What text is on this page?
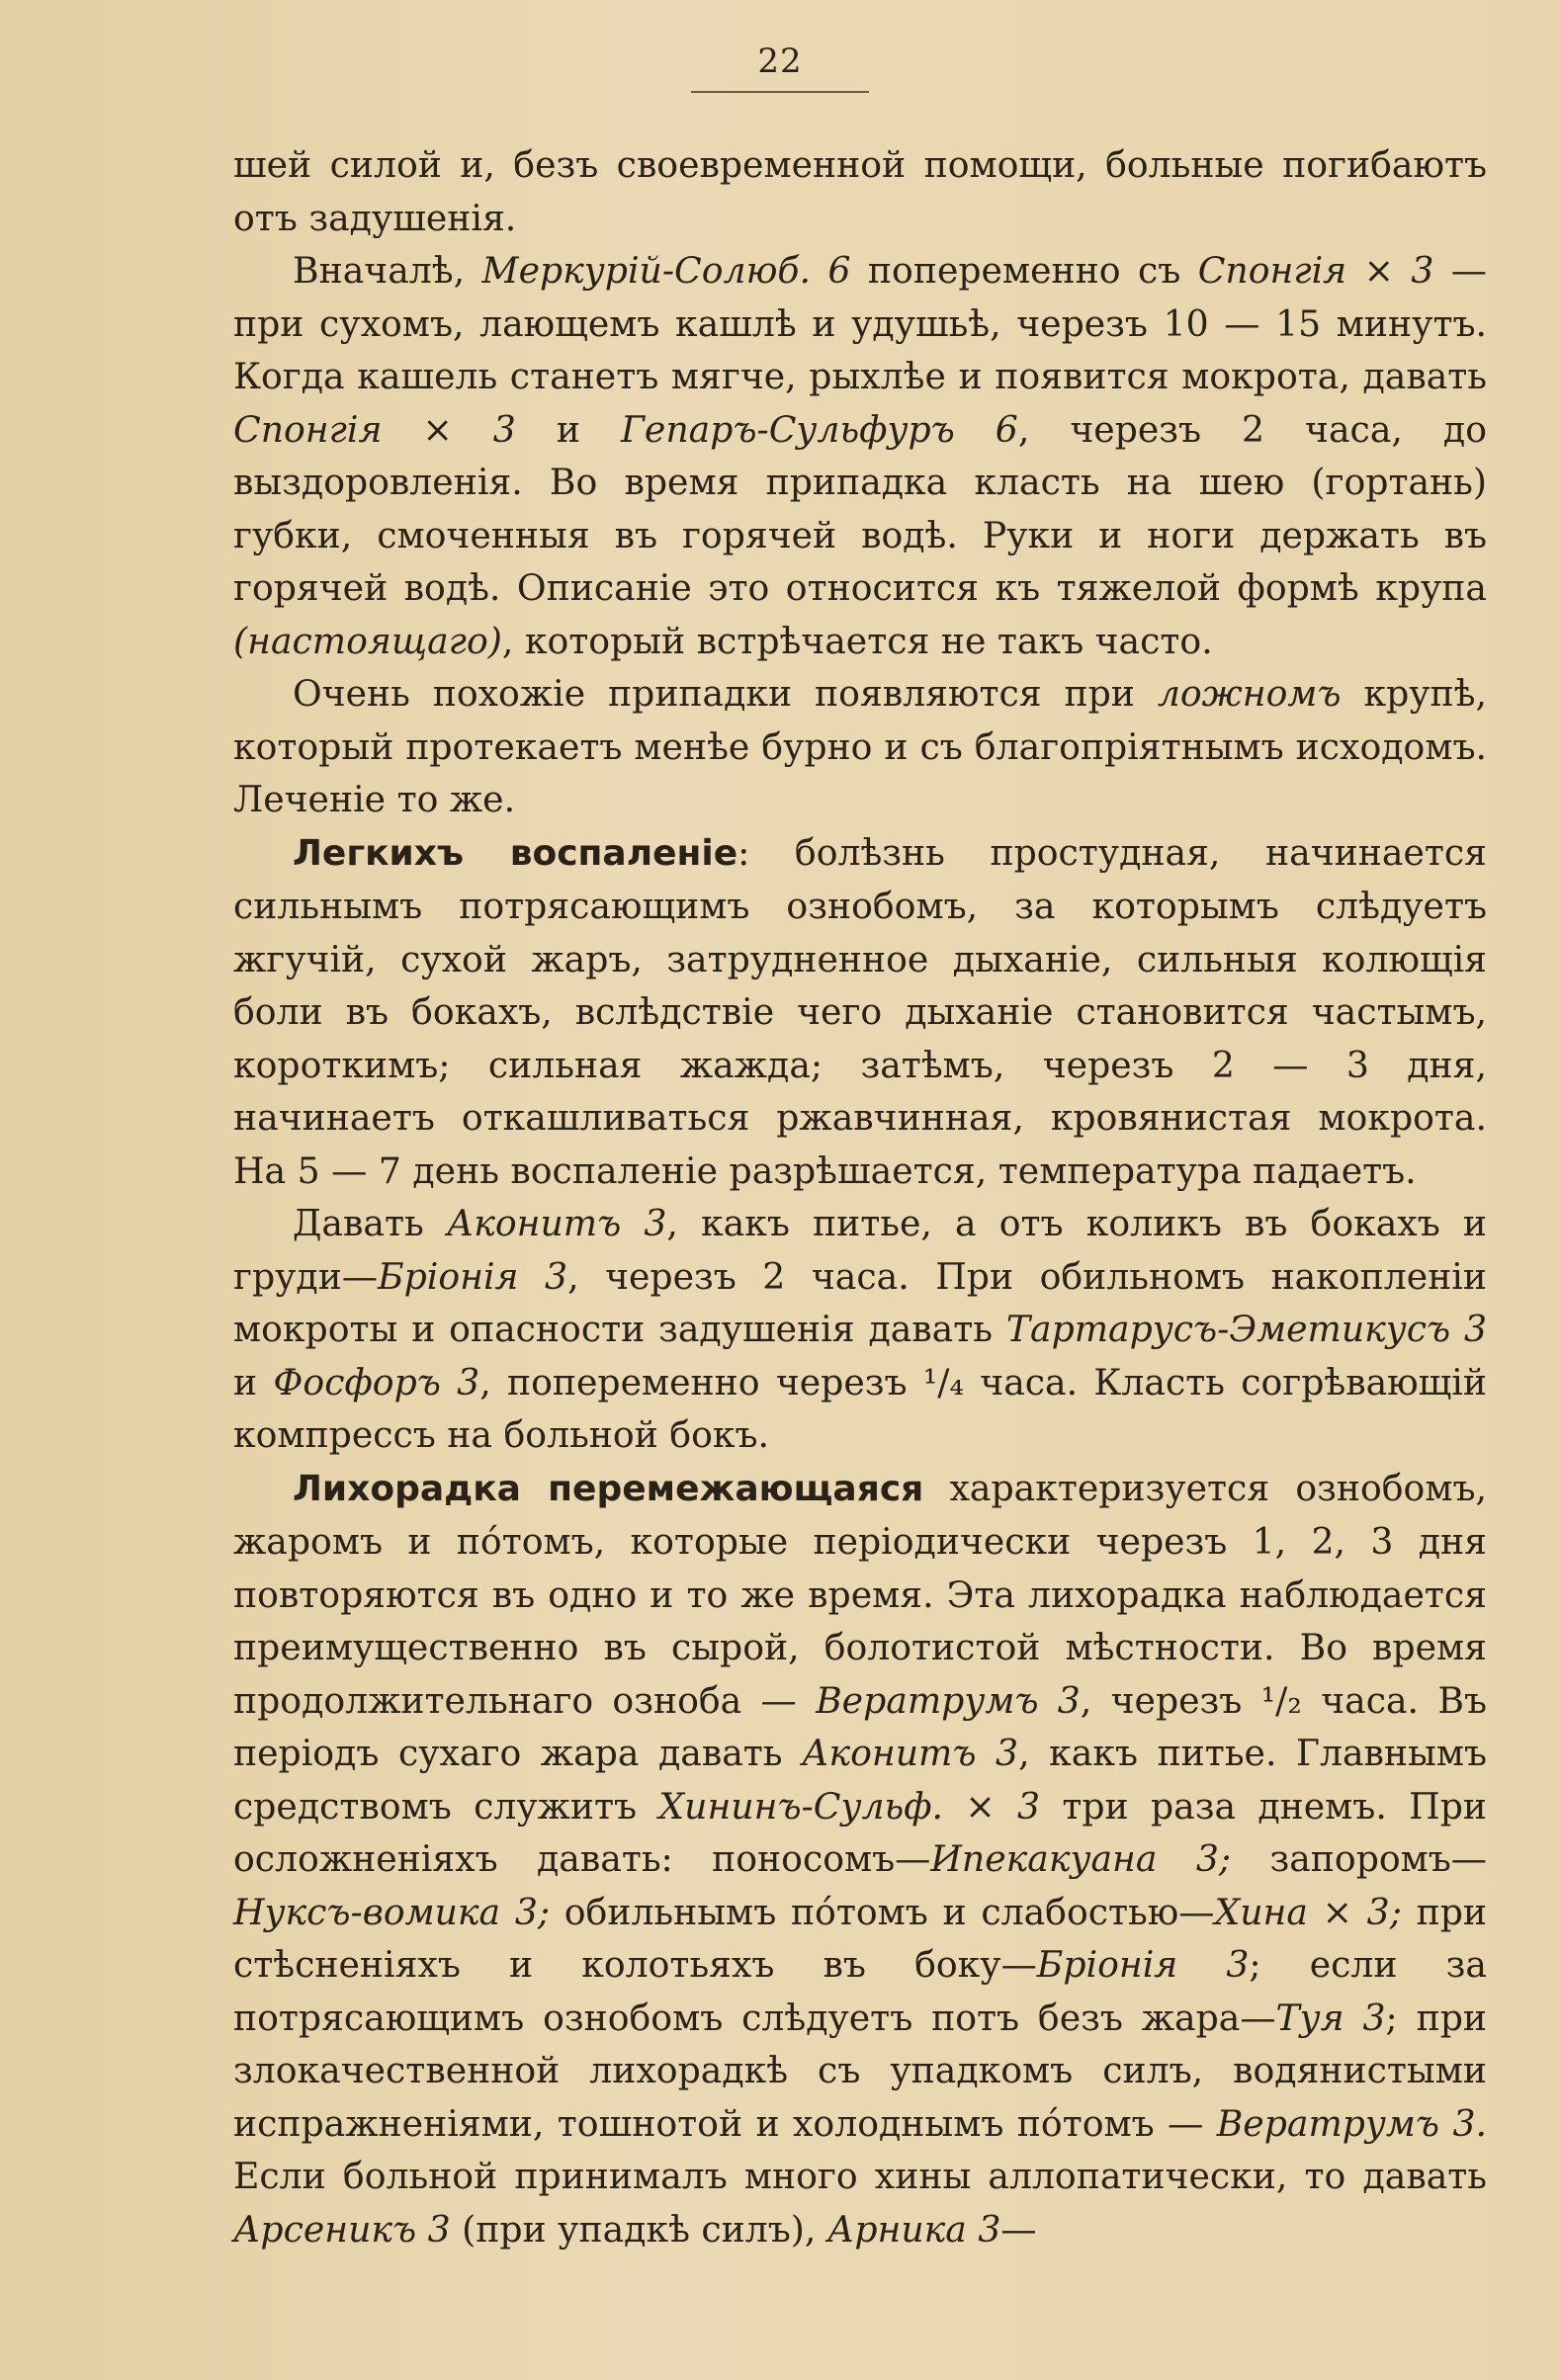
22

шей силой и, безъ своевременной помощи, больные погибаютъ отъ задушенія.

Вначалѣ, Меркурій-Солюб. 6 попеременно съ Спонгія × 3 — при сухомъ, лающемъ кашлѣ и удушьѣ, черезъ 10 — 15 минутъ. Когда кашель станетъ мягче, рыхлѣе и появится мокрота, давать Спонгія × 3 и Гепаръ-Сульфуръ 6, черезъ 2 часа, до выздоровленія. Во время припадка класть на шею (гортань) губки, смоченныя въ горячей водѣ. Руки и ноги держать въ горячей водѣ. Описаніе это относится къ тяжелой формѣ крупа (настоящаго), который встрѣчается не такъ часто.

Очень похожіе припадки появляются при ложномъ крупѣ, который протекаетъ менѣе бурно и съ благопріятнымъ исходомъ. Леченіе то же.

Легкихъ воспаленіе: болѣзнь простудная, начинается сильнымъ потрясающимъ ознобомъ, за которымъ слѣдуетъ жгучій, сухой жаръ, затрудненное дыханіе, сильныя колющія боли въ бокахъ, вслѣдствіе чего дыханіе становится частымъ, короткимъ; сильная жажда; затѣмъ, черезъ 2 — 3 дня, начинаетъ откашливаться ржавчинная, кровянистая мокрота. На 5 — 7 день воспаленіе разрѣшается, температура падаетъ.

Давать Аконитъ 3, какъ питье, а отъ коликъ въ бокахъ и груди—Бріонія 3, черезъ 2 часа. При обильномъ накопленіи мокроты и опасности задушенія давать Тартарусъ-Эметикусъ 3 и Фосфоръ 3, попеременно черезъ ¹/₄ часа. Класть согрѣвающій компрессъ на больной бокъ.

Лихорадка перемежающаяся характеризуется ознобомъ, жаромъ и пóтомъ, которые періодически черезъ 1, 2, 3 дня повторяются въ одно и то же время. Эта лихорадка наблюдается преимущественно въ сырой, болотистой мѣстности. Во время продолжительнаго озноба — Вератрумъ 3, черезъ ¹/₂ часа. Въ періодъ сухаго жара давать Аконитъ 3, какъ питье. Главнымъ средствомъ служитъ Хининъ-Сульф. × 3 три раза днемъ. При осложненіяхъ давать: поносомъ—Ипекакуана 3; запоромъ—Нуксъ-вомика 3; обильнымъ пóтомъ и слабостью—Хина × 3; при стѣсненіяхъ и колотьяхъ въ боку—Бріонія 3; если за потрясающимъ ознобомъ слѣдуетъ потъ безъ жара—Туя 3; при злокачественной лихорадкѣ съ упадкомъ силъ, водянистыми испражненіями, тошнотой и холоднымъ пóтомъ — Вератрумъ 3. Если больной принималъ много хины аллопатически, то давать Арсеникъ 3 (при упадкѣ силъ), Арника 3—
